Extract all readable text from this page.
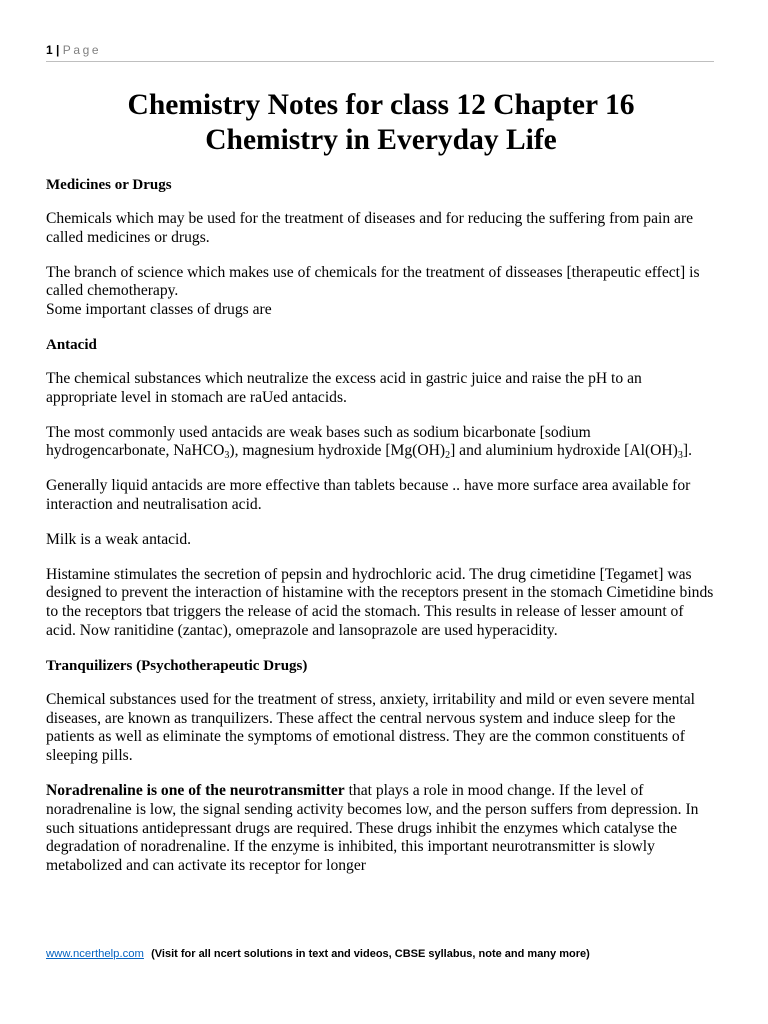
1 | Page
Chemistry Notes for class 12 Chapter 16
Chemistry in Everyday Life
Medicines or Drugs

Chemicals which may be used for the treatment of diseases and for reducing the suffering from pain are called medicines or drugs.

The branch of science which makes use of chemicals for the treatment of disseases [therapeutic effect] is called chemotherapy.

Some important classes of drugs are

Antacid

The chemical substances which neutralize the excess acid in gastric juice and raise the pH to an appropriate level in stomach are raUed antacids.

The most commonly used antacids are weak bases such as sodium bicarbonate [sodium hydrogencarbonate, NaHCO$_3$), magnesium hydroxide $[Mg(OH)_2]$ and aluminium hydroxide $[Al(OH)_3]$.

Generally liquid antacids are more effective than tablets because .. have more surface area available for interaction and neutralisation acid.

Milk is a weak antacid.

Histamine stimulates the secretion of pepsin and hydrochloric acid. The drug cimetidine [Tegamet] was designed to prevent the interaction of histamine with the receptors present in the stomach Cimetidine binds to the receptors tbat triggers the release of acid the stomach. This results in release of lesser amount of acid. Now ranitidine (zantac), omeprazole and lansoprazole are used hyperacidity.

Tranquilizers (Psychotherapeutic Drugs)

Chemical substances used for the treatment of stress, anxiety, irritability and mild or even severe mental diseases, are known as tranquilizers. These affect the central nervous system and induce sleep for the patients as well as eliminate the symptoms of emotional distress. They are the common constituents of sleeping pills.

Noradrenaline is one of the neurotransmitter that plays a role in mood change. If the level of noradrenaline is low, the signal sending activity becomes low, and the person suffers from depression. In such situations antidepressant drugs are required. These drugs inhibit the enzymes which catalyse the degradation of noradrenaline. If the enzyme is inhibited, this important neurotransmitter is slowly metabolized and can activate its receptor for longer

www.ncerthelp.com (Visit for all ncert solutions in text and videos, CBSE syllabus, note and many more)
